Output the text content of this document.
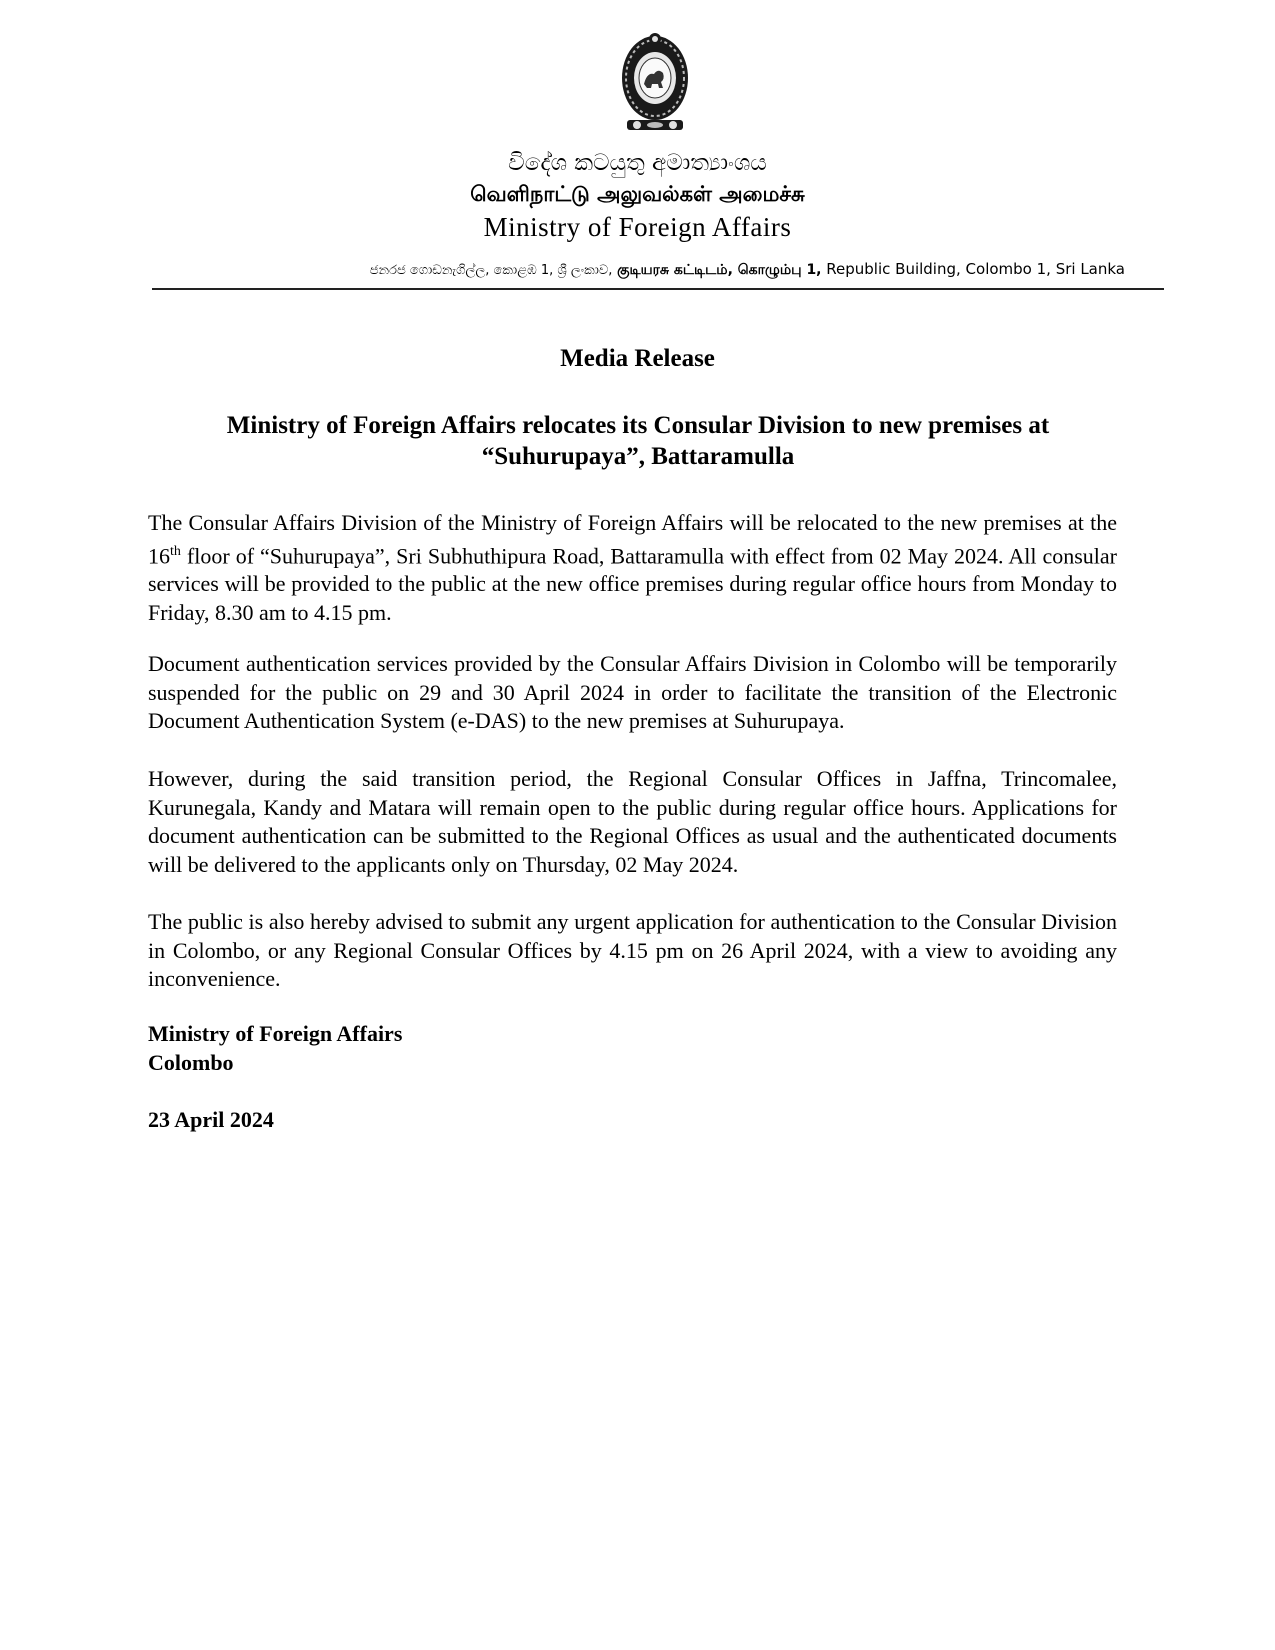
විදේශ කටයුතු අමාත්‍යාංශය
வெளிநாட்டு அலுவல்கள் அமைச்சு
Ministry of Foreign Affairs
ජනරජ ගොඩනැගිල්ල, කොළඹ 1, ශ්‍රී ලංකාව, குடியரசு கட்டிடம், கொழும்பு 1, Republic Building, Colombo 1, Sri Lanka
Media Release
Ministry of Foreign Affairs relocates its Consular Division to new premises at
“Suhurupaya”, Battaramulla

The Consular Affairs Division of the Ministry of Foreign Affairs will be relocated to the new premises at the 16th floor of “Suhurupaya”, Sri Subhuthipura Road, Battaramulla with effect from 02 May 2024. All consular services will be provided to the public at the new office premises during regular office hours from Monday to Friday, 8.30 am to 4.15 pm.

Document authentication services provided by the Consular Affairs Division in Colombo will be temporarily suspended for the public on 29 and 30 April 2024 in order to facilitate the transition of the Electronic Document Authentication System (e-DAS) to the new premises at Suhurupaya.

However, during the said transition period, the Regional Consular Offices in Jaffna, Trincomalee, Kurunegala, Kandy and Matara will remain open to the public during regular office hours. Applications for document authentication can be submitted to the Regional Offices as usual and the authenticated documents will be delivered to the applicants only on Thursday, 02 May 2024.

The public is also hereby advised to submit any urgent application for authentication to the Consular Division in Colombo, or any Regional Consular Offices by 4.15 pm on 26 April 2024, with a view to avoiding any inconvenience.

Ministry of Foreign Affairs
Colombo
23 April 2024
